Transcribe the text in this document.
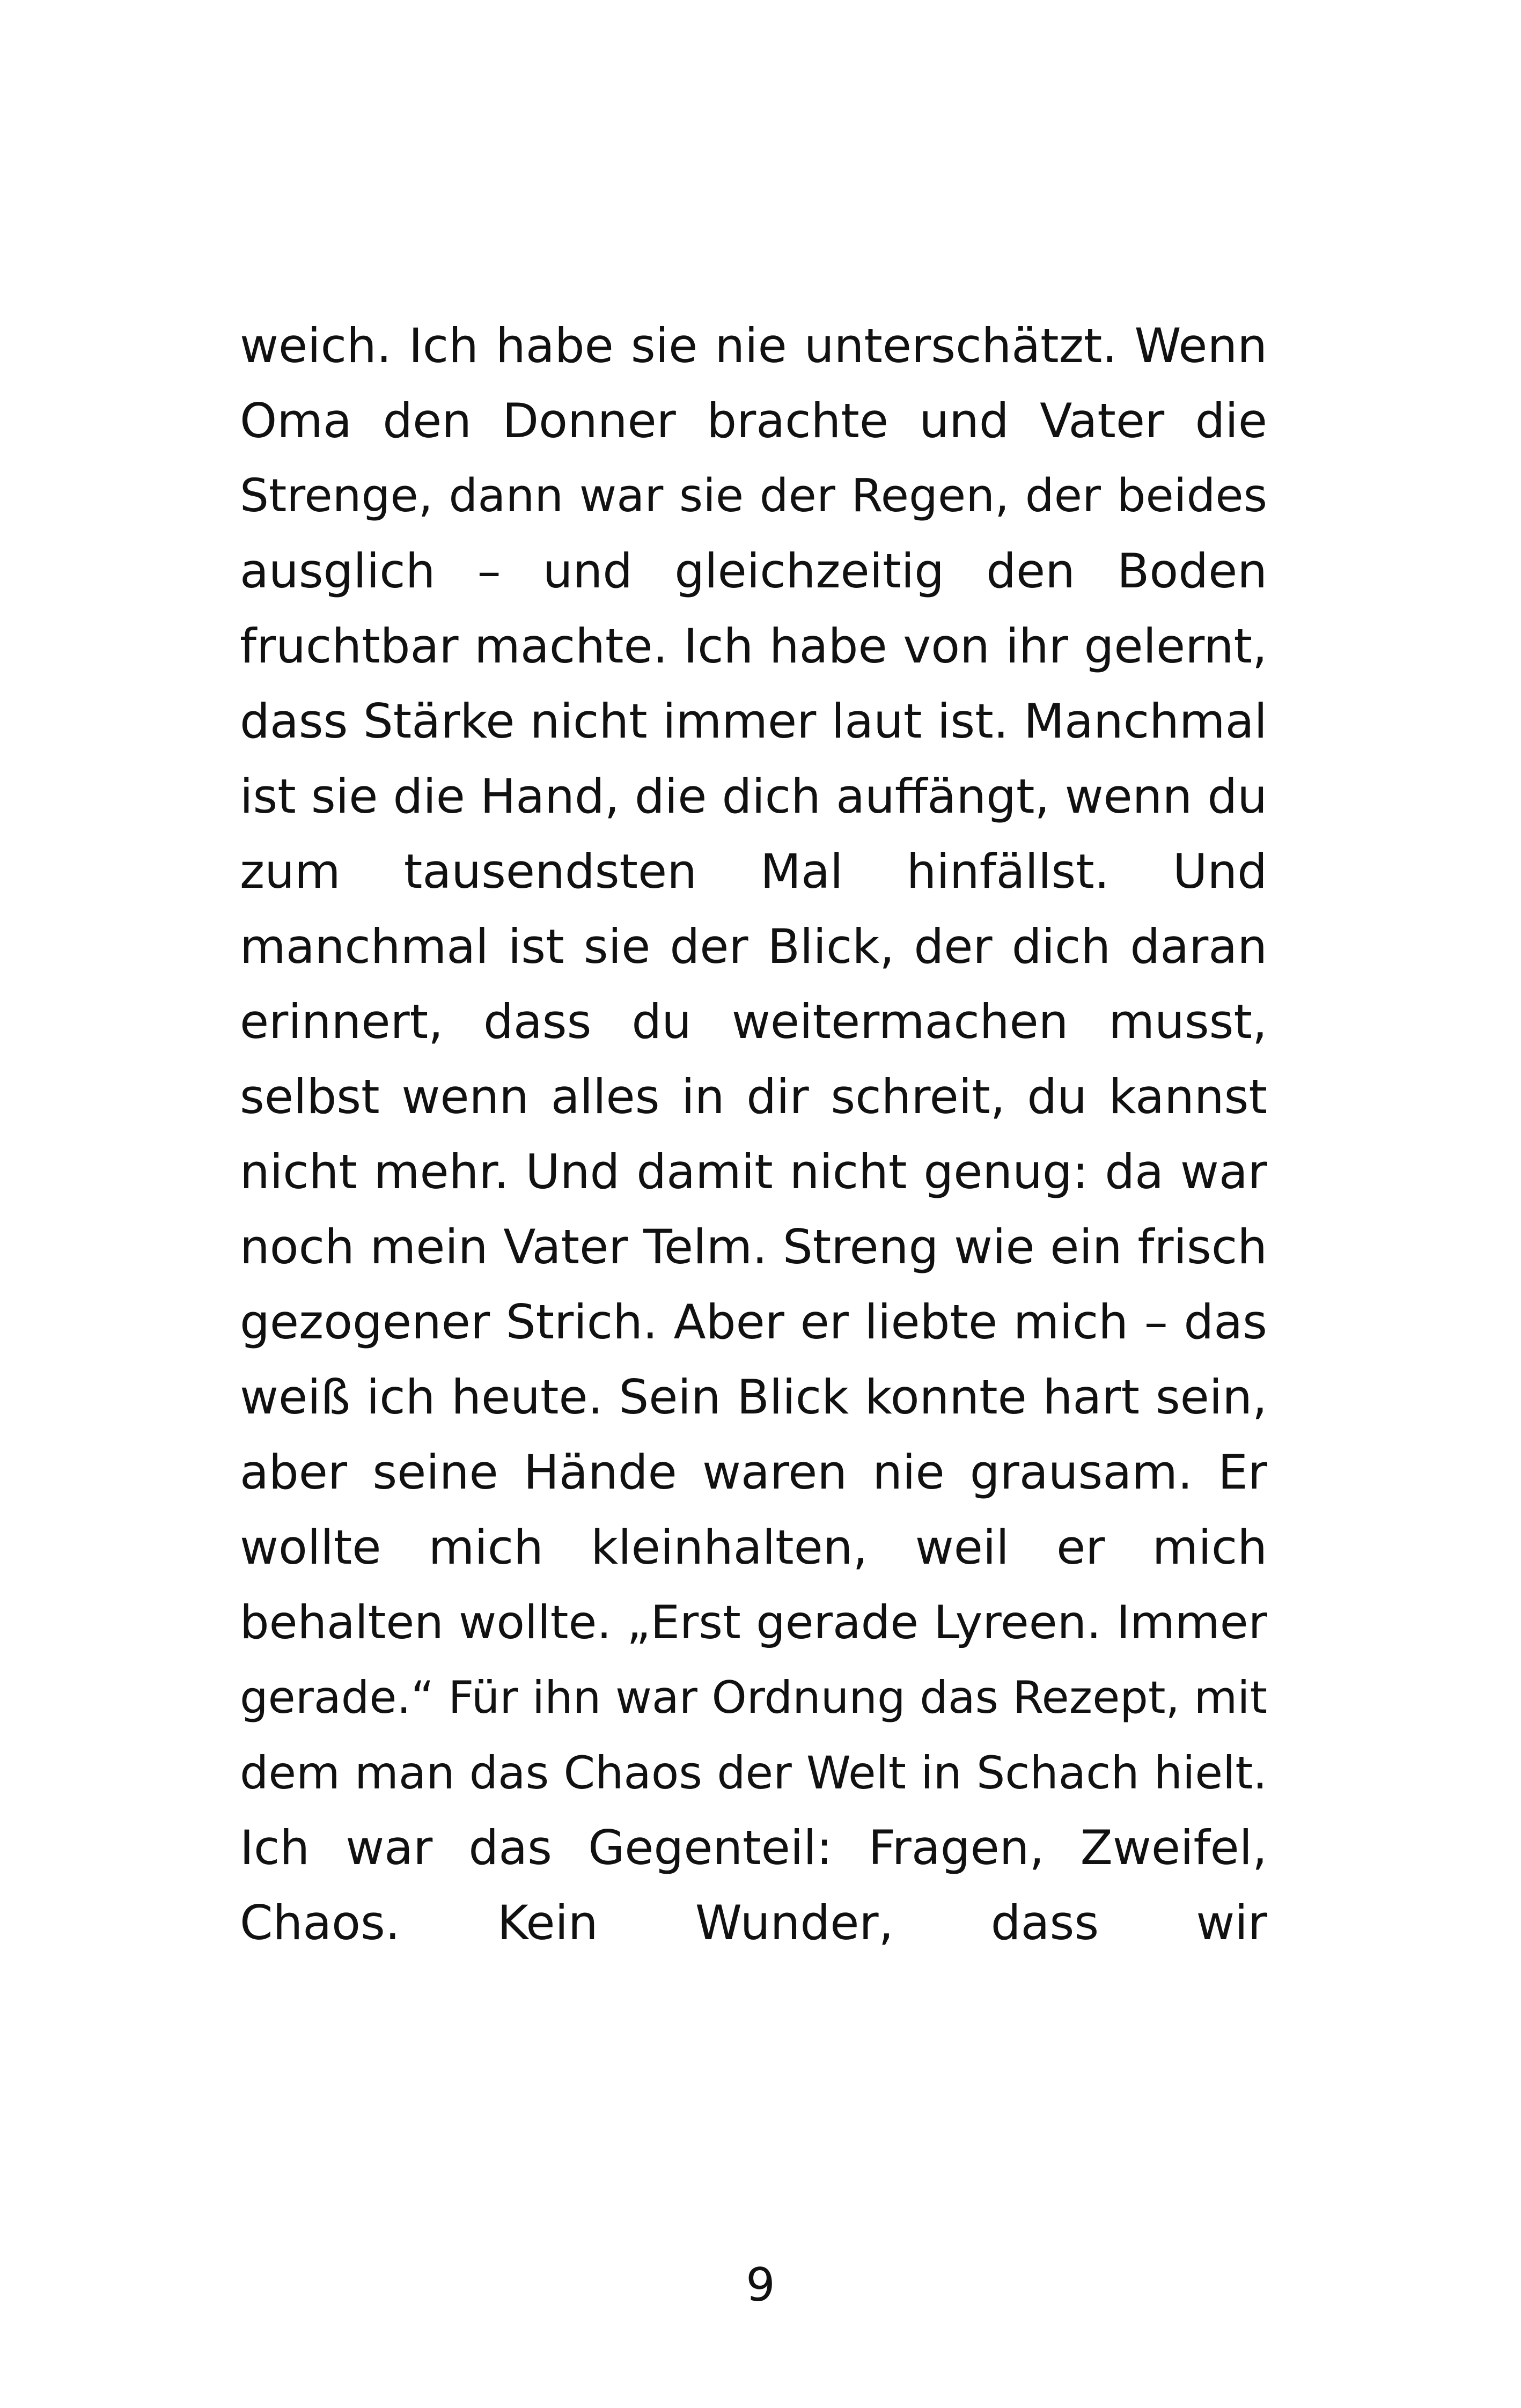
weich. Ich habe sie nie unterschätzt. Wenn
Oma den Donner brachte und Vater die
Strenge, dann war sie der Regen, der beides
ausglich – und gleichzeitig den Boden
fruchtbar machte. Ich habe von ihr gelernt,
dass Stärke nicht immer laut ist. Manchmal
ist sie die Hand, die dich auffängt, wenn du
zum tausendsten Mal hinfällst. Und
manchmal ist sie der Blick, der dich daran
erinnert, dass du weitermachen musst,
selbst wenn alles in dir schreit, du kannst
nicht mehr. Und damit nicht genug: da war
noch mein Vater Telm. Streng wie ein frisch
gezogener Strich. Aber er liebte mich – das
weiß ich heute. Sein Blick konnte hart sein,
aber seine Hände waren nie grausam. Er
wollte mich kleinhalten, weil er mich
behalten wollte. „Erst gerade Lyreen. Immer
gerade.“ Für ihn war Ordnung das Rezept, mit
dem man das Chaos der Welt in Schach hielt.
Ich war das Gegenteil: Fragen, Zweifel,
Chaos. Kein Wunder, dass wir
9
